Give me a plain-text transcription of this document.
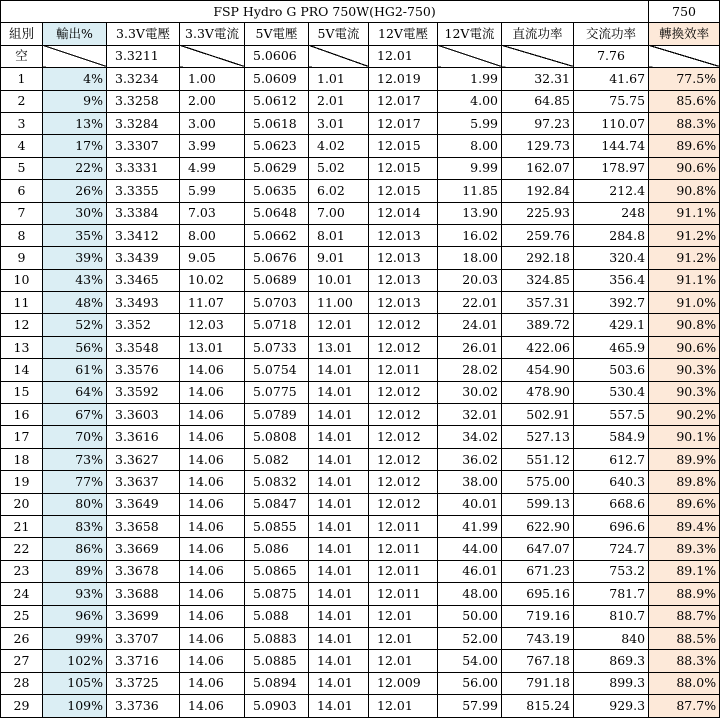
FSP Hydro G PRO 750W(HG2-750)										750
組別	輸出%	3.3V電壓	3.3V電流	5V電壓	5V電流	12V電壓	12V電流	直流功率	交流功率	轉換效率
空		3.3211		5.0606		12.01			7.76	
1	4%	3.3234	1.00	5.0609	1.01	12.019	1.99	32.31	41.67	77.5%
2	9%	3.3258	2.00	5.0612	2.01	12.017	4.00	64.85	75.75	85.6%
3	13%	3.3284	3.00	5.0618	3.01	12.017	5.99	97.23	110.07	88.3%
4	17%	3.3307	3.99	5.0623	4.02	12.015	8.00	129.73	144.74	89.6%
5	22%	3.3331	4.99	5.0629	5.02	12.015	9.99	162.07	178.97	90.6%
6	26%	3.3355	5.99	5.0635	6.02	12.015	11.85	192.84	212.4	90.8%
7	30%	3.3384	7.03	5.0648	7.00	12.014	13.90	225.93	248	91.1%
8	35%	3.3412	8.00	5.0662	8.01	12.013	16.02	259.76	284.8	91.2%
9	39%	3.3439	9.05	5.0676	9.01	12.013	18.00	292.18	320.4	91.2%
10	43%	3.3465	10.02	5.0689	10.01	12.013	20.03	324.85	356.4	91.1%
11	48%	3.3493	11.07	5.0703	11.00	12.013	22.01	357.31	392.7	91.0%
12	52%	3.352	12.03	5.0718	12.01	12.012	24.01	389.72	429.1	90.8%
13	56%	3.3548	13.01	5.0733	13.01	12.012	26.01	422.06	465.9	90.6%
14	61%	3.3576	14.06	5.0754	14.01	12.011	28.02	454.90	503.6	90.3%
15	64%	3.3592	14.06	5.0775	14.01	12.012	30.02	478.90	530.4	90.3%
16	67%	3.3603	14.06	5.0789	14.01	12.012	32.01	502.91	557.5	90.2%
17	70%	3.3616	14.06	5.0808	14.01	12.012	34.02	527.13	584.9	90.1%
18	73%	3.3627	14.06	5.082	14.01	12.012	36.02	551.12	612.7	89.9%
19	77%	3.3637	14.06	5.0832	14.01	12.012	38.00	575.00	640.3	89.8%
20	80%	3.3649	14.06	5.0847	14.01	12.012	40.01	599.13	668.6	89.6%
21	83%	3.3658	14.06	5.0855	14.01	12.011	41.99	622.90	696.6	89.4%
22	86%	3.3669	14.06	5.086	14.01	12.011	44.00	647.07	724.7	89.3%
23	89%	3.3678	14.06	5.0865	14.01	12.011	46.01	671.23	753.2	89.1%
24	93%	3.3688	14.06	5.0875	14.01	12.011	48.00	695.16	781.7	88.9%
25	96%	3.3699	14.06	5.088	14.01	12.01	50.00	719.16	810.7	88.7%
26	99%	3.3707	14.06	5.0883	14.01	12.01	52.00	743.19	840	88.5%
27	102%	3.3716	14.06	5.0885	14.01	12.01	54.00	767.18	869.3	88.3%
28	105%	3.3725	14.06	5.0894	14.01	12.009	56.00	791.18	899.3	88.0%
29	109%	3.3736	14.06	5.0903	14.01	12.01	57.99	815.24	929.3	87.7%
